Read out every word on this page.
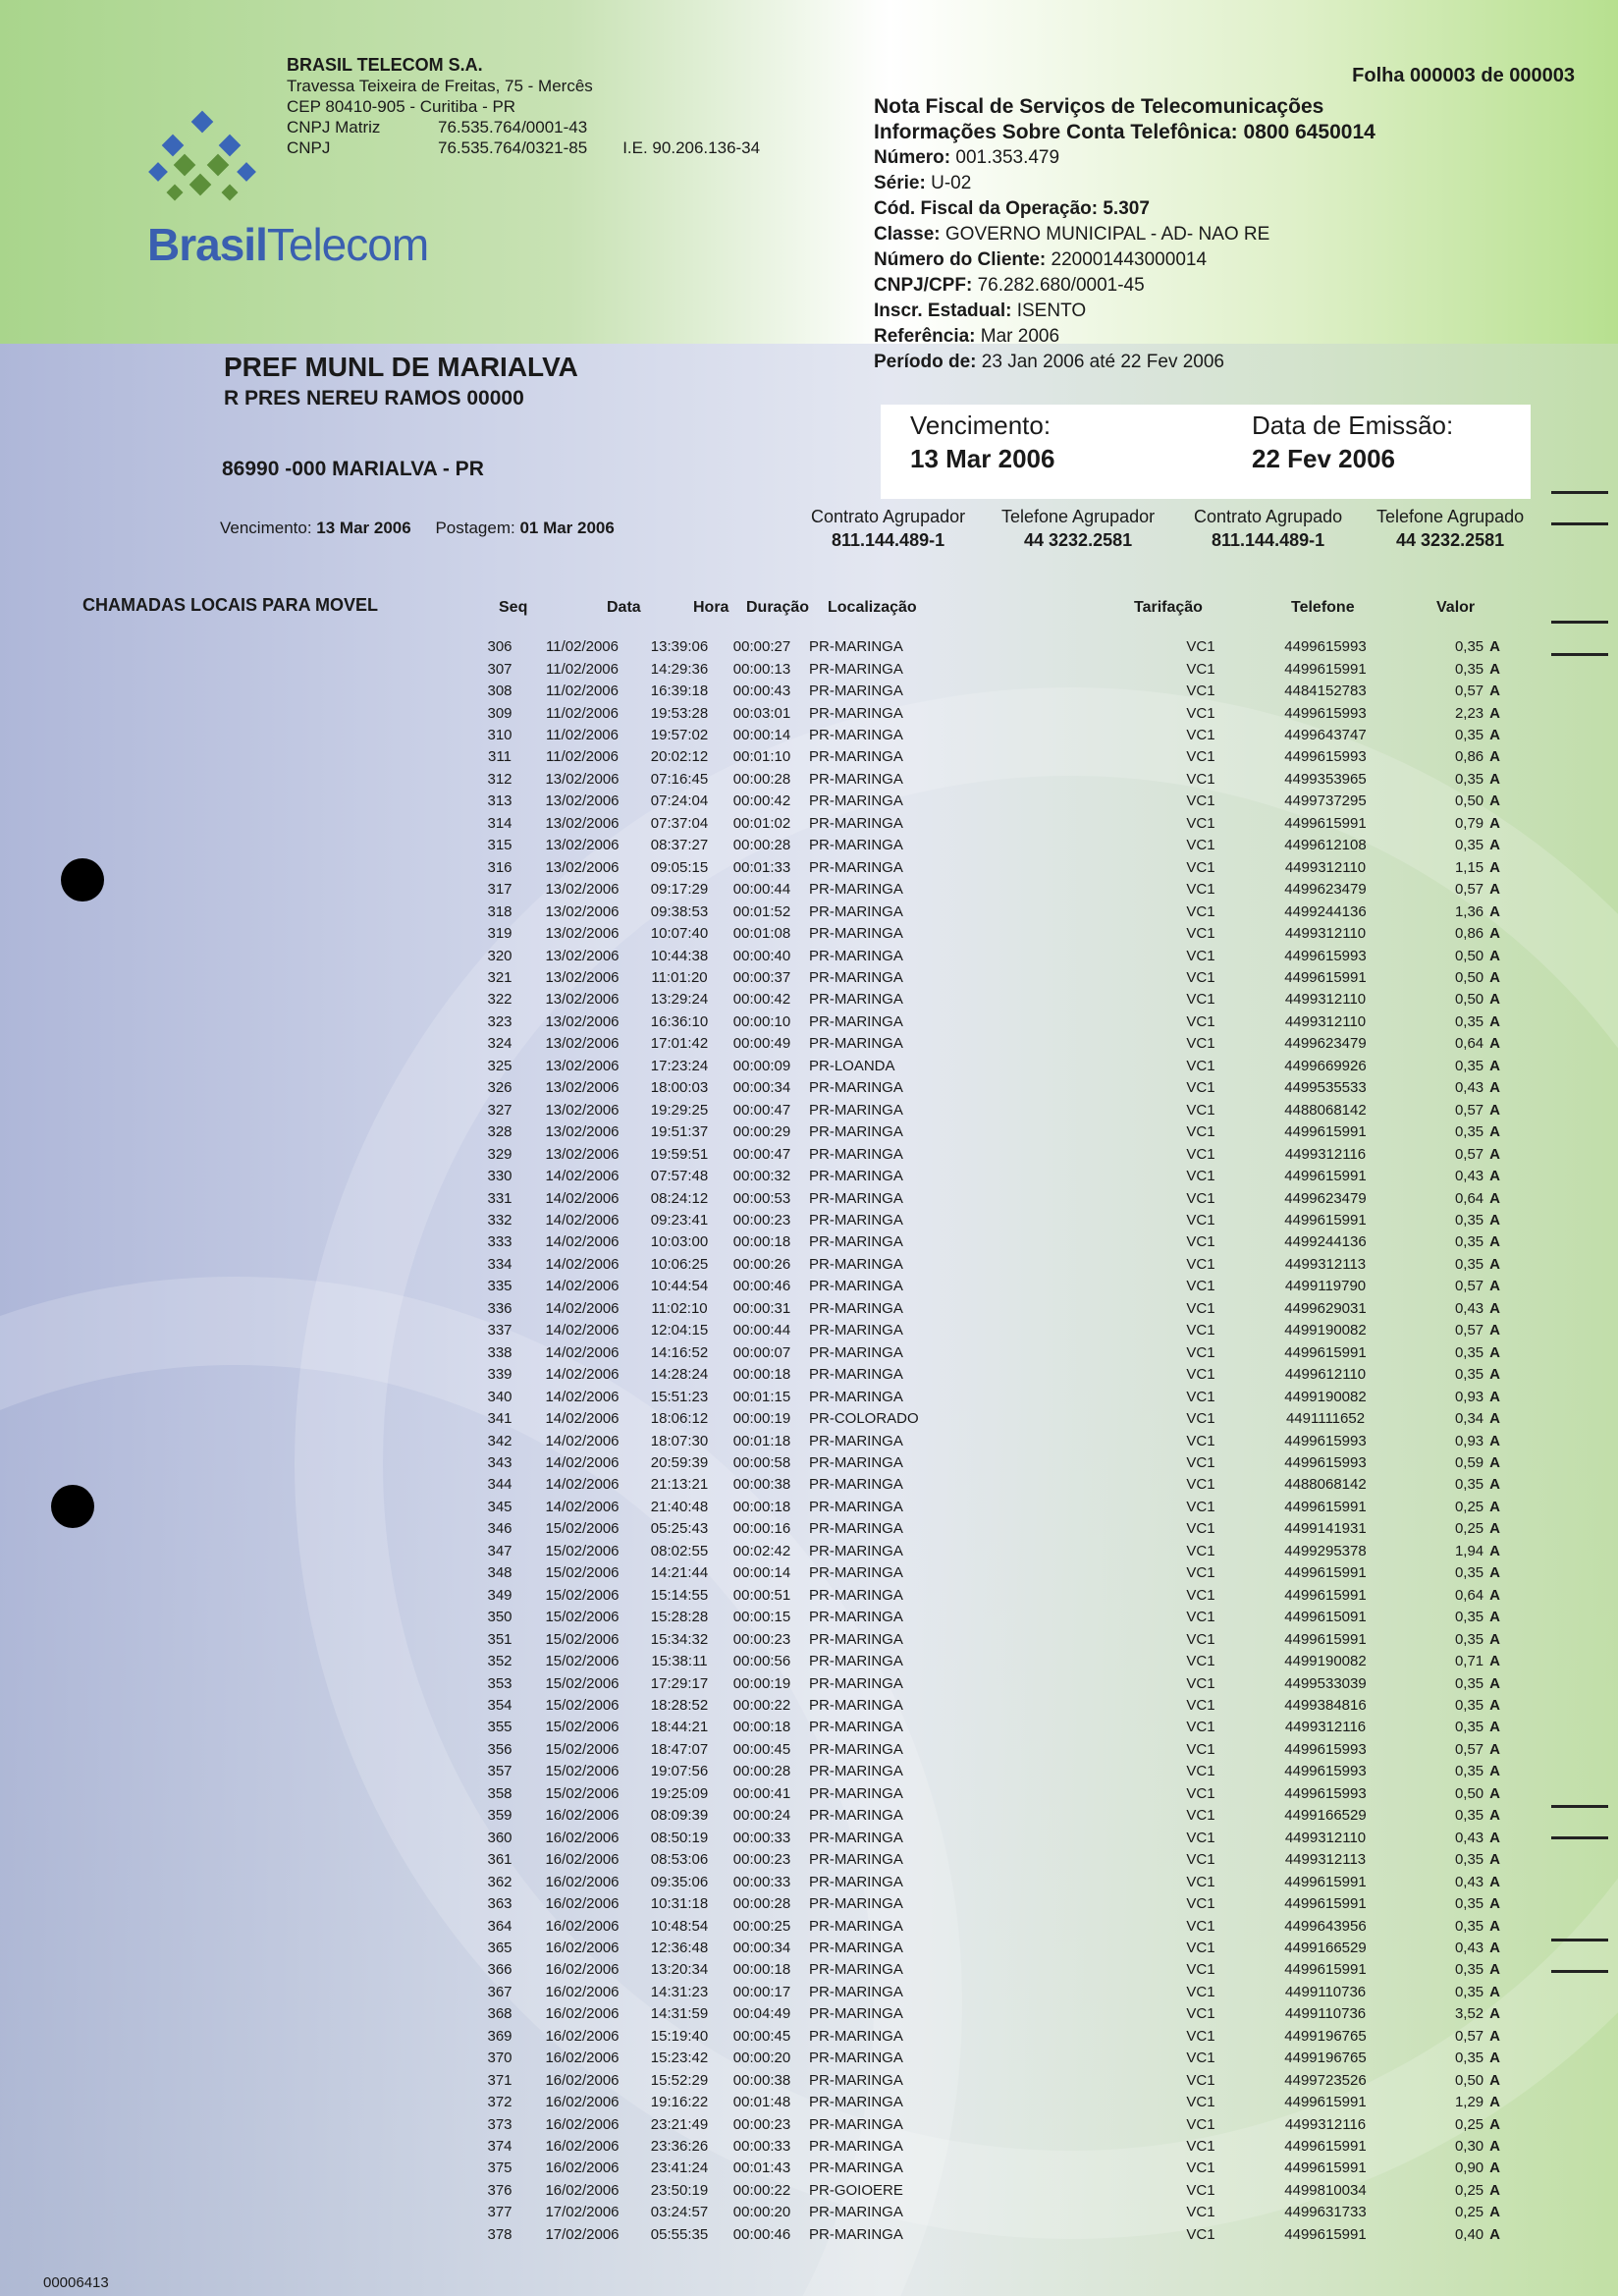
BrasilTelecom
BRASIL TELECOM S.A.
Travessa Teixeira de Freitas, 75 - Mercês
CEP 80410-905 - Curitiba - PR
CNPJ Matriz	76.535.764/0001-43
CNPJ	76.535.764/0321-85 I.E. 90.206.136-34
Folha 000003 de 000003
Nota Fiscal de Serviços de Telecomunicações
Informações Sobre Conta Telefônica: 0800 6450014
Número: 001.353.479
Série: U-02
Cód. Fiscal da Operação: 5.307
Classe: GOVERNO MUNICIPAL - AD- NAO RE
Número do Cliente: 220001443000014
CNPJ/CPF: 76.282.680/0001-45
Inscr. Estadual: ISENTO
Referência: Mar 2006
Período de: 23 Jan 2006 até 22 Fev 2006
PREF MUNL DE MARIALVA
R PRES NEREU RAMOS 00000
86990 -000 MARIALVA - PR
Vencimento:
13 Mar 2006
Data de Emissão:
22 Fev 2006
Vencimento: 13 Mar 2006 Postagem: 01 Mar 2006
Contrato Agrupador
811.144.489-1
Telefone Agrupador
44 3232.2581
Contrato Agrupado
811.144.489-1
Telefone Agrupado
44 3232.2581
CHAMADAS LOCAIS PARA MOVEL	Seq	Data	Hora Duração Localização	Tarifação	Telefone	Valor
306	11/02/2006	13:39:06	00:00:27	PR-MARINGA	VC1	4499615993	0,35 A
307	11/02/2006	14:29:36	00:00:13	PR-MARINGA	VC1	4499615991	0,35 A
308	11/02/2006	16:39:18	00:00:43	PR-MARINGA	VC1	4484152783	0,57 A
309	11/02/2006	19:53:28	00:03:01	PR-MARINGA	VC1	4499615993	2,23 A
310	11/02/2006	19:57:02	00:00:14	PR-MARINGA	VC1	4499643747	0,35 A
311	11/02/2006	20:02:12	00:01:10	PR-MARINGA	VC1	4499615993	0,86 A
312	13/02/2006	07:16:45	00:00:28	PR-MARINGA	VC1	4499353965	0,35 A
313	13/02/2006	07:24:04	00:00:42	PR-MARINGA	VC1	4499737295	0,50 A
314	13/02/2006	07:37:04	00:01:02	PR-MARINGA	VC1	4499615991	0,79 A
315	13/02/2006	08:37:27	00:00:28	PR-MARINGA	VC1	4499612108	0,35 A
316	13/02/2006	09:05:15	00:01:33	PR-MARINGA	VC1	4499312110	1,15 A
317	13/02/2006	09:17:29	00:00:44	PR-MARINGA	VC1	4499623479	0,57 A
318	13/02/2006	09:38:53	00:01:52	PR-MARINGA	VC1	4499244136	1,36 A
319	13/02/2006	10:07:40	00:01:08	PR-MARINGA	VC1	4499312110	0,86 A
320	13/02/2006	10:44:38	00:00:40	PR-MARINGA	VC1	4499615993	0,50 A
321	13/02/2006	11:01:20	00:00:37	PR-MARINGA	VC1	4499615991	0,50 A
322	13/02/2006	13:29:24	00:00:42	PR-MARINGA	VC1	4499312110	0,50 A
323	13/02/2006	16:36:10	00:00:10	PR-MARINGA	VC1	4499312110	0,35 A
324	13/02/2006	17:01:42	00:00:49	PR-MARINGA	VC1	4499623479	0,64 A
325	13/02/2006	17:23:24	00:00:09	PR-LOANDA	VC1	4499669926	0,35 A
326	13/02/2006	18:00:03	00:00:34	PR-MARINGA	VC1	4499535533	0,43 A
327	13/02/2006	19:29:25	00:00:47	PR-MARINGA	VC1	4488068142	0,57 A
328	13/02/2006	19:51:37	00:00:29	PR-MARINGA	VC1	4499615991	0,35 A
329	13/02/2006	19:59:51	00:00:47	PR-MARINGA	VC1	4499312116	0,57 A
330	14/02/2006	07:57:48	00:00:32	PR-MARINGA	VC1	4499615991	0,43 A
331	14/02/2006	08:24:12	00:00:53	PR-MARINGA	VC1	4499623479	0,64 A
332	14/02/2006	09:23:41	00:00:23	PR-MARINGA	VC1	4499615991	0,35 A
333	14/02/2006	10:03:00	00:00:18	PR-MARINGA	VC1	4499244136	0,35 A
334	14/02/2006	10:06:25	00:00:26	PR-MARINGA	VC1	4499312113	0,35 A
335	14/02/2006	10:44:54	00:00:46	PR-MARINGA	VC1	4499119790	0,57 A
336	14/02/2006	11:02:10	00:00:31	PR-MARINGA	VC1	4499629031	0,43 A
337	14/02/2006	12:04:15	00:00:44	PR-MARINGA	VC1	4499190082	0,57 A
338	14/02/2006	14:16:52	00:00:07	PR-MARINGA	VC1	4499615991	0,35 A
339	14/02/2006	14:28:24	00:00:18	PR-MARINGA	VC1	4499612110	0,35 A
340	14/02/2006	15:51:23	00:01:15	PR-MARINGA	VC1	4499190082	0,93 A
341	14/02/2006	18:06:12	00:00:19	PR-COLORADO	VC1	4491111652	0,34 A
342	14/02/2006	18:07:30	00:01:18	PR-MARINGA	VC1	4499615993	0,93 A
343	14/02/2006	20:59:39	00:00:58	PR-MARINGA	VC1	4499615993	0,59 A
344	14/02/2006	21:13:21	00:00:38	PR-MARINGA	VC1	4488068142	0,35 A
345	14/02/2006	21:40:48	00:00:18	PR-MARINGA	VC1	4499615991	0,25 A
346	15/02/2006	05:25:43	00:00:16	PR-MARINGA	VC1	4499141931	0,25 A
347	15/02/2006	08:02:55	00:02:42	PR-MARINGA	VC1	4499295378	1,94 A
348	15/02/2006	14:21:44	00:00:14	PR-MARINGA	VC1	4499615991	0,35 A
349	15/02/2006	15:14:55	00:00:51	PR-MARINGA	VC1	4499615991	0,64 A
350	15/02/2006	15:28:28	00:00:15	PR-MARINGA	VC1	4499615091	0,35 A
351	15/02/2006	15:34:32	00:00:23	PR-MARINGA	VC1	4499615991	0,35 A
352	15/02/2006	15:38:11	00:00:56	PR-MARINGA	VC1	4499190082	0,71 A
353	15/02/2006	17:29:17	00:00:19	PR-MARINGA	VC1	4499533039	0,35 A
354	15/02/2006	18:28:52	00:00:22	PR-MARINGA	VC1	4499384816	0,35 A
355	15/02/2006	18:44:21	00:00:18	PR-MARINGA	VC1	4499312116	0,35 A
356	15/02/2006	18:47:07	00:00:45	PR-MARINGA	VC1	4499615993	0,57 A
357	15/02/2006	19:07:56	00:00:28	PR-MARINGA	VC1	4499615993	0,35 A
358	15/02/2006	19:25:09	00:00:41	PR-MARINGA	VC1	4499615993	0,50 A
359	16/02/2006	08:09:39	00:00:24	PR-MARINGA	VC1	4499166529	0,35 A
360	16/02/2006	08:50:19	00:00:33	PR-MARINGA	VC1	4499312110	0,43 A
361	16/02/2006	08:53:06	00:00:23	PR-MARINGA	VC1	4499312113	0,35 A
362	16/02/2006	09:35:06	00:00:33	PR-MARINGA	VC1	4499615991	0,43 A
363	16/02/2006	10:31:18	00:00:28	PR-MARINGA	VC1	4499615991	0,35 A
364	16/02/2006	10:48:54	00:00:25	PR-MARINGA	VC1	4499643956	0,35 A
365	16/02/2006	12:36:48	00:00:34	PR-MARINGA	VC1	4499166529	0,43 A
366	16/02/2006	13:20:34	00:00:18	PR-MARINGA	VC1	4499615991	0,35 A
367	16/02/2006	14:31:23	00:00:17	PR-MARINGA	VC1	4499110736	0,35 A
368	16/02/2006	14:31:59	00:04:49	PR-MARINGA	VC1	4499110736	3,52 A
369	16/02/2006	15:19:40	00:00:45	PR-MARINGA	VC1	4499196765	0,57 A
370	16/02/2006	15:23:42	00:00:20	PR-MARINGA	VC1	4499196765	0,35 A
371	16/02/2006	15:52:29	00:00:38	PR-MARINGA	VC1	4499723526	0,50 A
372	16/02/2006	19:16:22	00:01:48	PR-MARINGA	VC1	4499615991	1,29 A
373	16/02/2006	23:21:49	00:00:23	PR-MARINGA	VC1	4499312116	0,25 A
374	16/02/2006	23:36:26	00:00:33	PR-MARINGA	VC1	4499615991	0,30 A
375	16/02/2006	23:41:24	00:01:43	PR-MARINGA	VC1	4499615991	0,90 A
376	16/02/2006	23:50:19	00:00:22	PR-GOIOERE	VC1	4499810034	0,25 A
377	17/02/2006	03:24:57	00:00:20	PR-MARINGA	VC1	4499631733	0,25 A
378	17/02/2006	05:55:35	00:00:46	PR-MARINGA	VC1	4499615991	0,40 A
00006413
